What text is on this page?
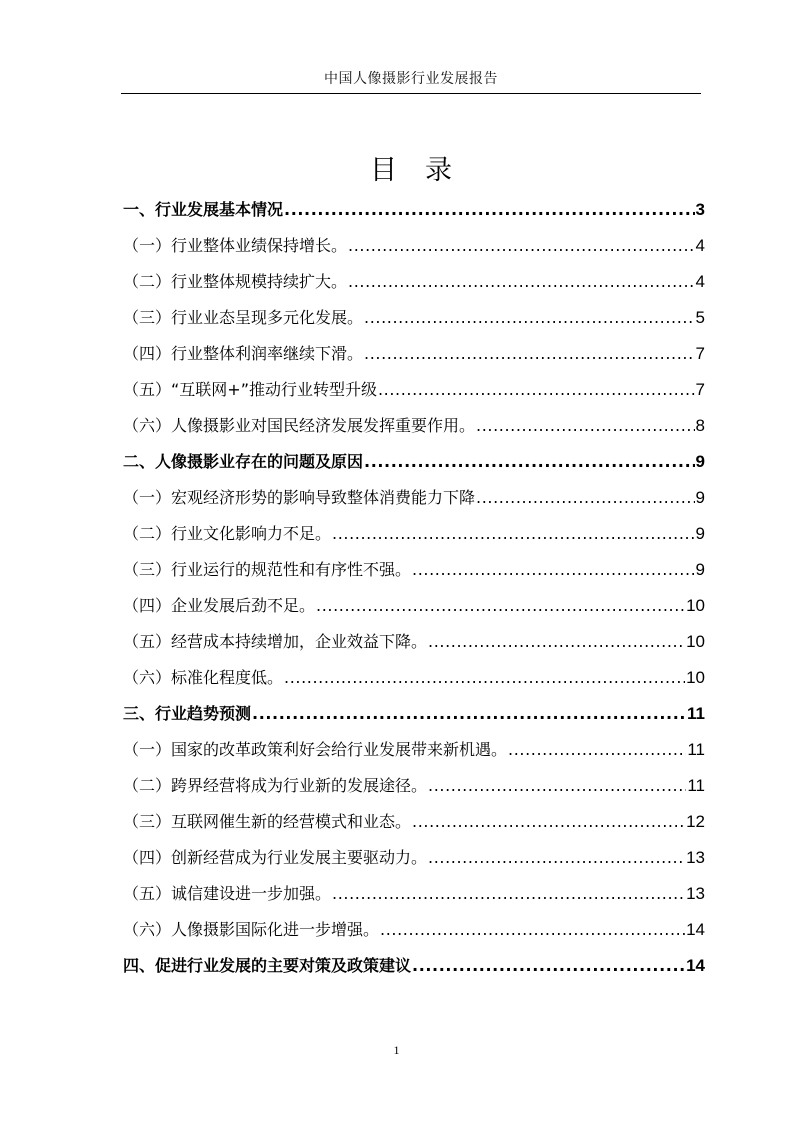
中国人像摄影行业发展报告
目录
一、行业发展基本情况 .....	3
（一）行业整体业绩保持增长。 .....	4
（二）行业整体规模持续扩大。 .....	4
（三）行业业态呈现多元化发展。 .....	5
（四）行业整体利润率继续下滑。 .....	7
（五）“互联网+”推动行业转型升级 .....	7
（六）人像摄影业对国民经济发展发挥重要作用。 .....	8
二、人像摄影业存在的问题及原因 .....	9
（一）宏观经济形势的影响导致整体消费能力下降 .....	9
（二）行业文化影响力不足。 .....	9
（三）行业运行的规范性和有序性不强。 .....	9
（四）企业发展后劲不足。 .....	10
（五）经营成本持续增加，企业效益下降。 .....	10
（六）标准化程度低。 .....	10
三、行业趋势预测 .....	11
（一）国家的改革政策利好会给行业发展带来新机遇。 .....	11
（二）跨界经营将成为行业新的发展途径。 .....	11
（三）互联网催生新的经营模式和业态。 .....	12
（四）创新经营成为行业发展主要驱动力。 .....	13
（五）诚信建设进一步加强。 .....	13
（六）人像摄影国际化进一步增强。 .....	14
四、促进行业发展的主要对策及政策建议 .....	14
1
